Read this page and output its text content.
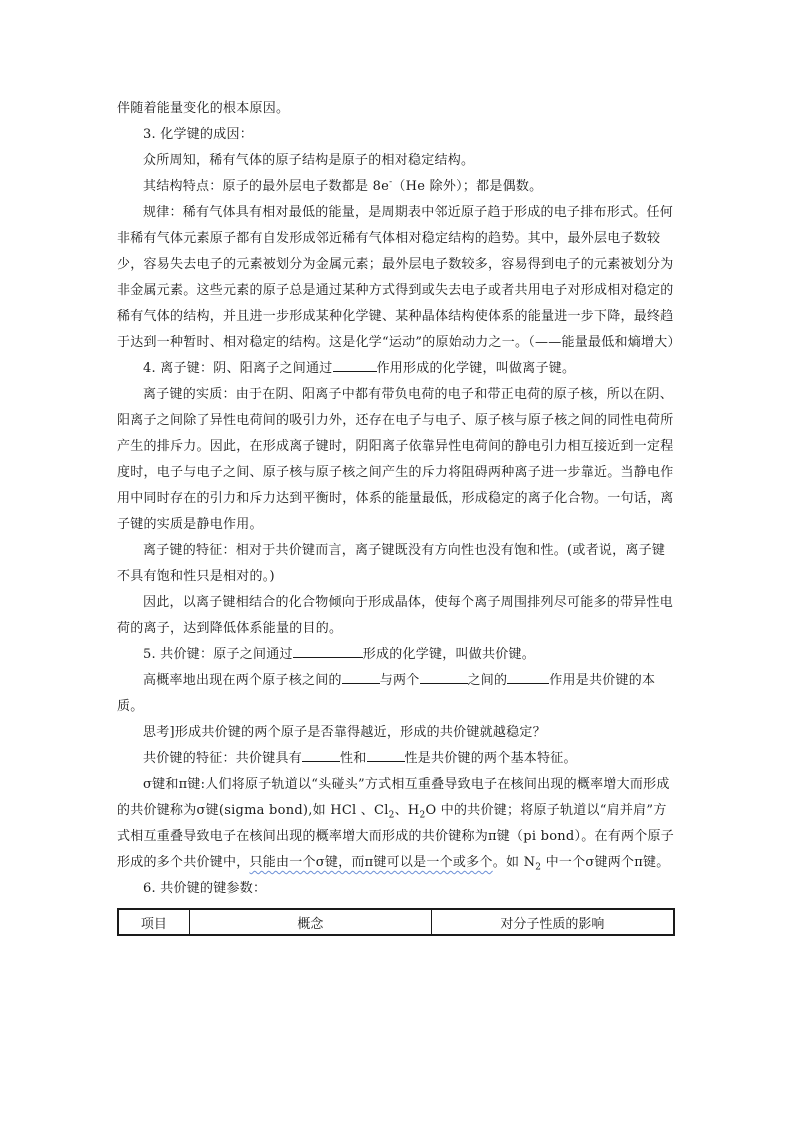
伴随着能量变化的根本原因。

3. 化学键的成因：

众所周知，稀有气体的原子结构是原子的相对稳定结构。

其结构特点：原子的最外层电子数都是 8e-（He 除外）；都是偶数。

规律：稀有气体具有相对最低的能量，是周期表中邻近原子趋于形成的电子排布形式。任何非稀有气体元素原子都有自发形成邻近稀有气体相对稳定结构的趋势。其中，最外层电子数较少，容易失去电子的元素被划分为金属元素；最外层电子数较多，容易得到电子的元素被划分为非金属元素。这些元素的原子总是通过某种方式得到或失去电子或者共用电子对形成相对稳定的稀有气体的结构，并且进一步形成某种化学键、某种晶体结构使体系的能量进一步下降，最终趋于达到一种暂时、相对稳定的结构。这是化学“运动”的原始动力之一。（——能量最低和熵增大）

4. 离子键：阴、阳离子之间通过	作用形成的化学键，叫做离子键。

离子键的实质：由于在阴、阳离子中都有带负电荷的电子和带正电荷的原子核，所以在阴、阳离子之间除了异性电荷间的吸引力外，还存在电子与电子、原子核与原子核之间的同性电荷所产生的排斥力。因此，在形成离子键时，阴阳离子依靠异性电荷间的静电引力相互接近到一定程度时，电子与电子之间、原子核与原子核之间产生的斥力将阻碍两种离子进一步靠近。当静电作用中同时存在的引力和斥力达到平衡时，体系的能量最低，形成稳定的离子化合物。一句话，离子键的实质是静电作用。

离子键的特征：相对于共价键而言，离子键既没有方向性也没有饱和性。(或者说，离子键不具有饱和性只是相对的。)

因此，以离子键相结合的化合物倾向于形成晶体，使每个离子周围排列尽可能多的带异性电荷的离子，达到降低体系能量的目的。

5. 共价键：原子之间通过	形成的化学键，叫做共价键。

高概率地出现在两个原子核之间的	与两个	之间的	作用是共价键的本质。

思考]形成共价键的两个原子是否靠得越近，形成的共价键就越稳定？

共价键的特征：共价键具有	性和	性是共价键的两个基本特征。

σ键和π键:人们将原子轨道以“头碰头”方式相互重叠导致电子在核间出现的概率增大而形成的共价键称为σ键(sigma bond),如 HCl 、$Cl_2$、$H_2O$ 中的共价键；将原子轨道以“肩并肩”方式相互重叠导致电子在核间出现的概率增大而形成的共价键称为π键（pi bond）。在有两个原子形成的多个共价键中，只能由一个σ键，而π键可以是一个或多个。如 $N_2$ 中一个σ键两个π键。

6. 共价键的键参数：

项目	概念	对分子性质的影响
